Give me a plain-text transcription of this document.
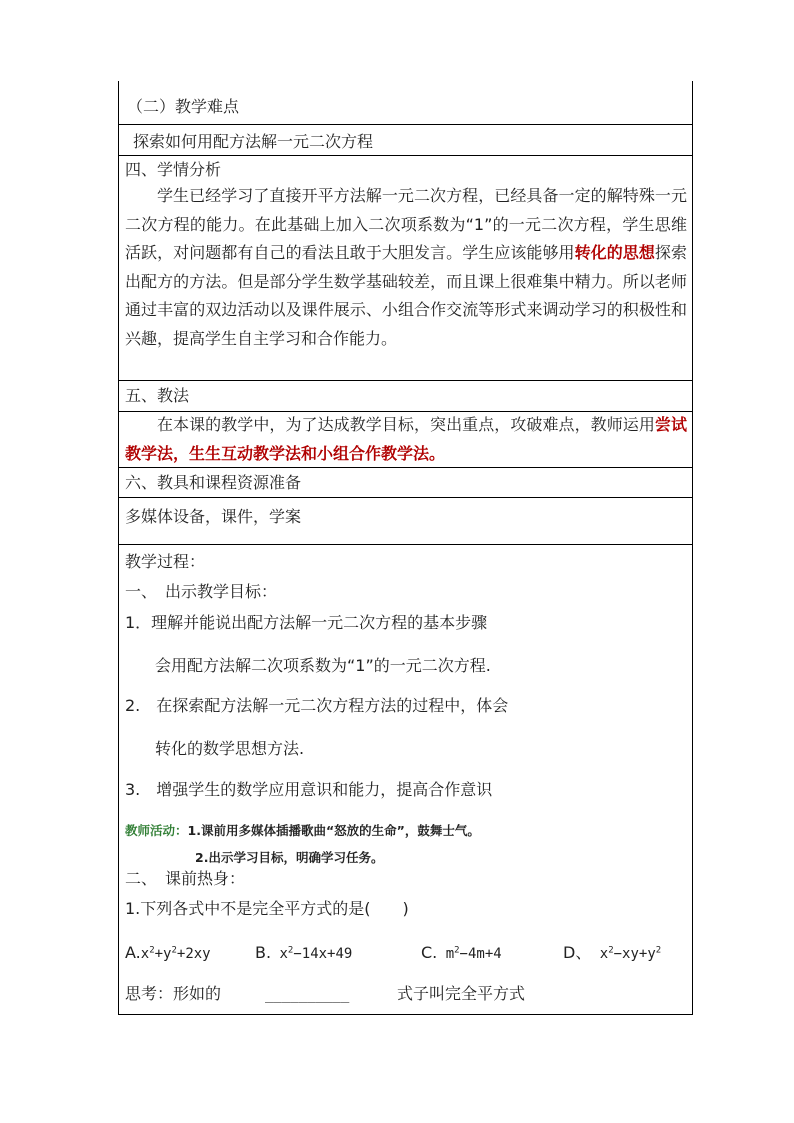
（二）教学难点
探索如何用配方法解一元二次方程
四、学情分析
学生已经学习了直接开平方法解一元二次方程，已经具备一定的解特殊一元二次方程的能力。在此基础上加入二次项系数为“1”的一元二次方程，学生思维活跃，对问题都有自己的看法且敢于大胆发言。学生应该能够用转化的思想探索出配方的方法。但是部分学生数学基础较差，而且课上很难集中精力。所以老师通过丰富的双边活动以及课件展示、小组合作交流等形式来调动学习的积极性和兴趣，提高学生自主学习和合作能力。
五、教法
在本课的教学中，为了达成教学目标，突出重点，攻破难点，教师运用尝试教学法，生生互动教学法和小组合作教学法。
六、教具和课程资源准备
多媒体设备，课件，学案
教学过程：
一、　出示教学目标：
1．理解并能说出配方法解一元二次方程的基本步骤
会用配方法解二次项系数为“1”的一元二次方程.
2.　在探索配方法解一元二次方程方法的过程中，体会
转化的数学思想方法.
3.　增强学生的数学应用意识和能力，提高合作意识
教师活动：1.课前用多媒体插播歌曲“怒放的生命”，鼓舞士气。
2.出示学习目标，明确学习任务。
二、　课前热身：
1.下列各式中不是完全平方式的是(　　)
$A.x^2+y^2+2xy$	B. $x^2-14x+49$	C. $m^2-4m+4$	D、 $x^2-xy+y^2$
思考：形如的	__________	式子叫完全平方式
